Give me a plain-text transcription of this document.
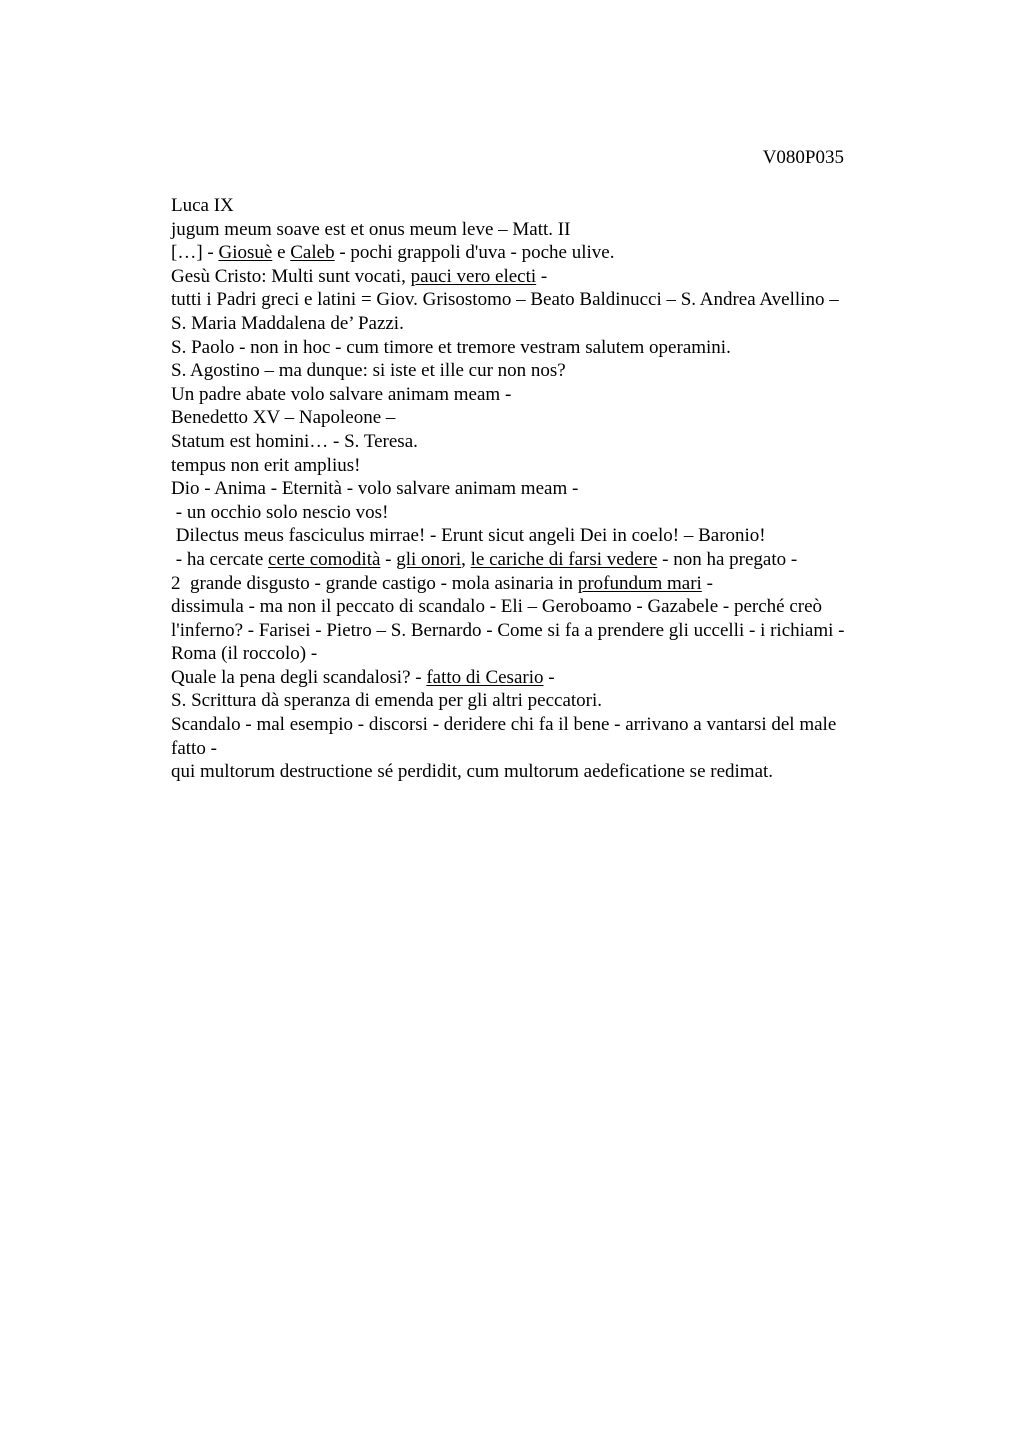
V080P035
Luca IX
jugum meum soave est et onus meum leve – Matt. II
[…] - Giosuè e Caleb - pochi grappoli d'uva - poche ulive.
Gesù Cristo: Multi sunt vocati, pauci vero electi -
tutti i Padri greci e latini = Giov. Grisostomo – Beato Baldinucci – S. Andrea Avellino –
S. Maria Maddalena de’ Pazzi.
S. Paolo - non in hoc - cum timore et tremore vestram salutem operamini.
S. Agostino – ma dunque: si iste et ille cur non nos?
Un padre abate volo salvare animam meam -
Benedetto XV – Napoleone –
Statum est homini… - S. Teresa.
tempus non erit amplius!
Dio - Anima - Eternità - volo salvare animam meam -
- un occhio solo nescio vos!
Dilectus meus fasciculus mirrae! - Erunt sicut angeli Dei in coelo! – Baronio!
- ha cercate certe comodità - gli onori, le cariche di farsi vedere - non ha pregato -
2  grande disgusto - grande castigo - mola asinaria in profundum mari -
dissimula - ma non il peccato di scandalo - Eli – Geroboamo - Gazabele - perché creò
l'inferno? - Farisei - Pietro – S. Bernardo - Come si fa a prendere gli uccelli - i richiami -
Roma (il roccolo) -
Quale la pena degli scandalosi? - fatto di Cesario -
S. Scrittura dà speranza di emenda per gli altri peccatori.
Scandalo - mal esempio - discorsi - deridere chi fa il bene - arrivano a vantarsi del male
fatto -
qui multorum destructione sé perdidit, cum multorum aedeficatione se redimat.
